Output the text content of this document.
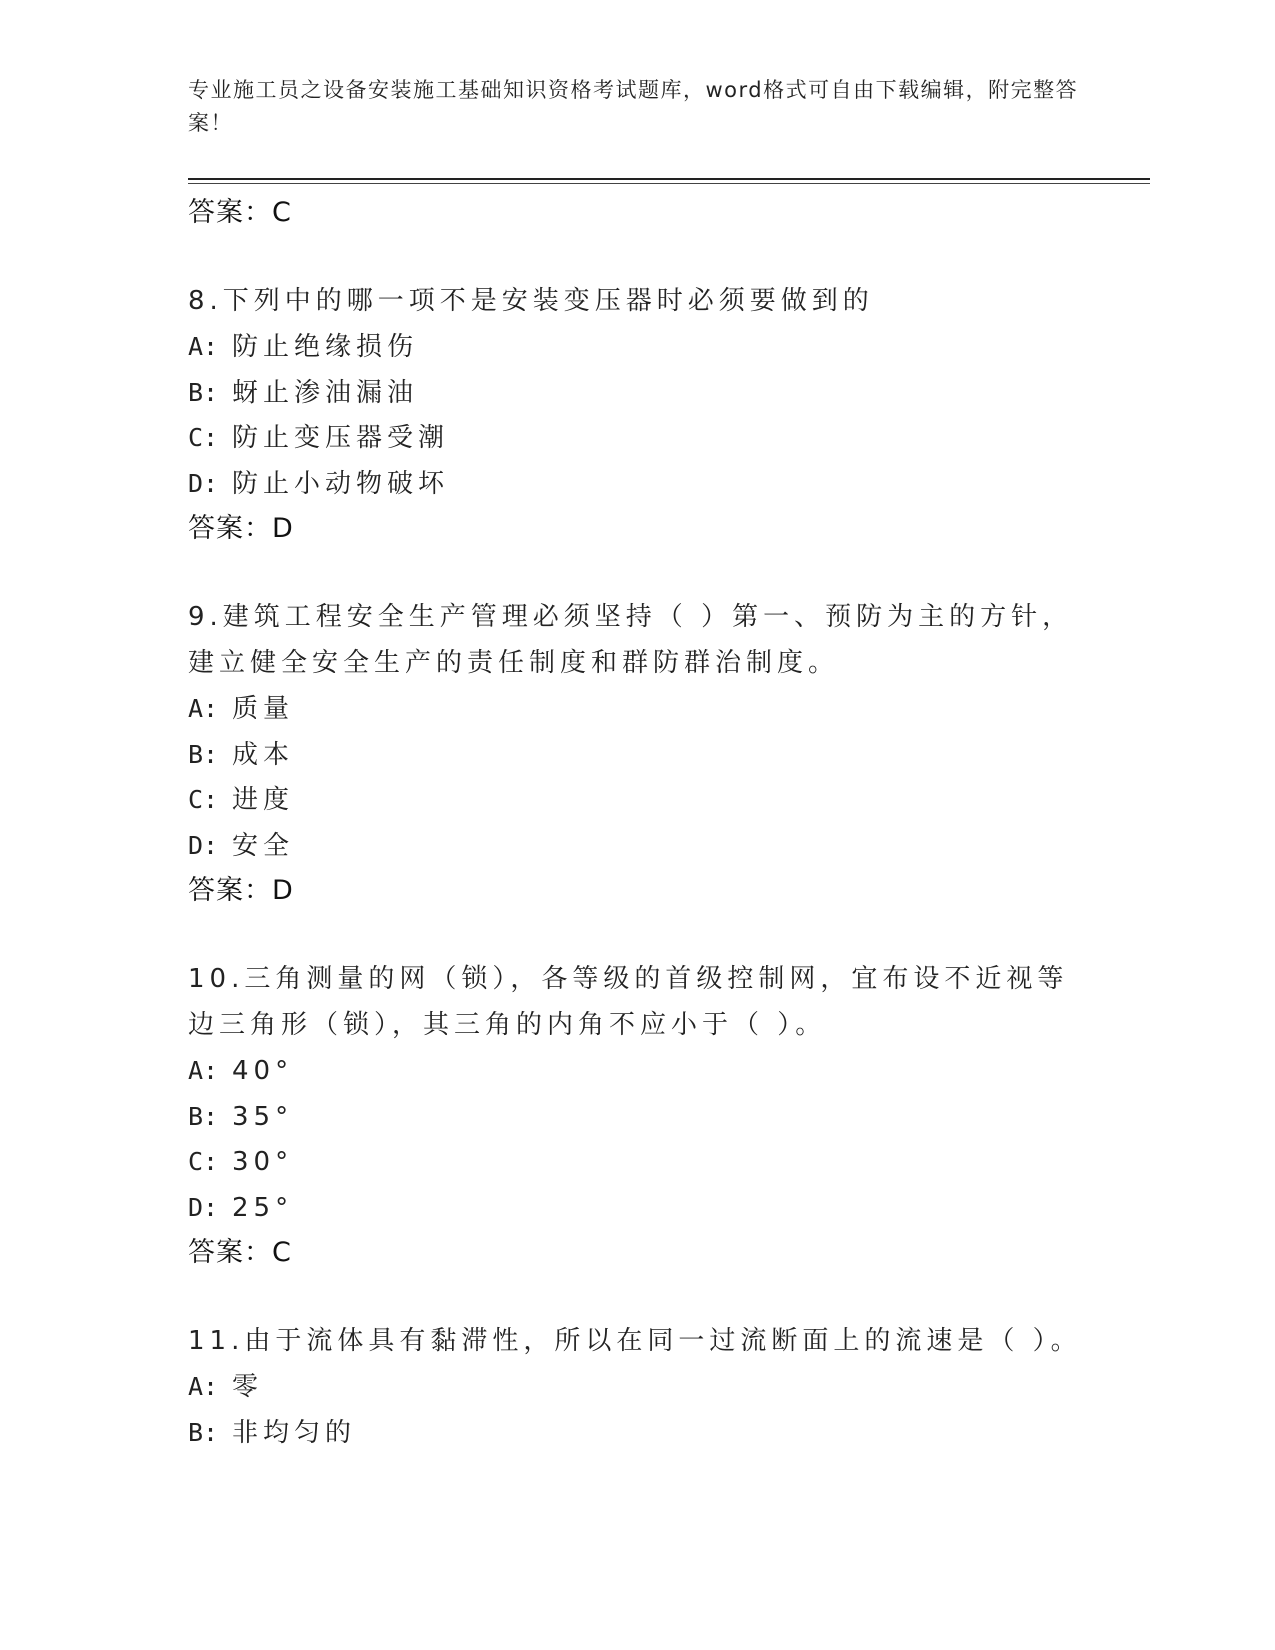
专业施工员之设备安装施工基础知识资格考试题库，word格式可自由下载编辑，附完整答案！
答案：C
8.下列中的哪一项不是安装变压器时必须要做到的
A: 防止绝缘损伤
B: 蚜止渗油漏油
C: 防止变压器受潮
D: 防止小动物破坏
答案：D
9.建筑工程安全生产管理必须坚持（ ）第一、预防为主的方针，建立健全安全生产的责任制度和群防群治制度。
A: 质量
B: 成本
C: 进度
D: 安全
答案：D
10.三角测量的网（锁），各等级的首级控制网，宜布设不近视等边三角形（锁），其三角的内角不应小于（ ）。
A: 40°
B: 35°
C: 30°
D: 25°
答案：C
11.由于流体具有黏滞性，所以在同一过流断面上的流速是（ ）。
A: 零
B: 非均匀的
